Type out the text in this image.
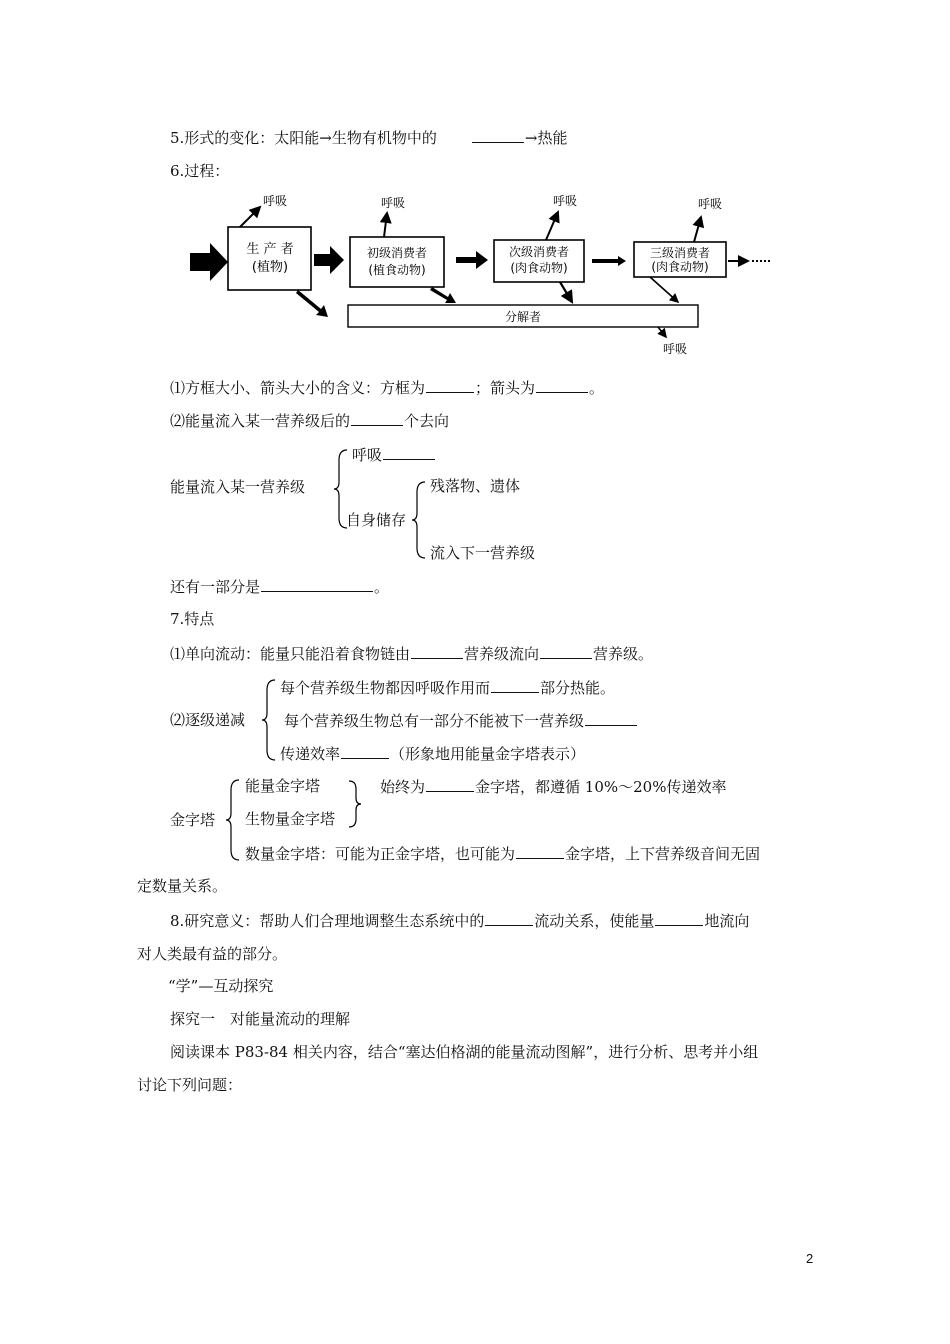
5.形式的变化：太阳能→生物有机物中的	→热能
6.过程：
生 产 者
(植物)
初级消费者
(植食动物)
次级消费者
(肉食动物)
三级消费者
(肉食动物)
分解者
呼吸	呼吸	呼吸	呼吸
呼吸
⑴方框大小、箭头大小的含义：方框为	；箭头为	。
⑵能量流入某一营养级后的	个去向
能量流入某一营养级
呼吸
自身储存
残落物、遗体
流入下一营养级
还有一部分是	。
7.特点
⑴单向流动：能量只能沿着食物链由	营养级流向	营养级。
⑵逐级递减
每个营养级生物都因呼吸作用而	部分热能。
每个营养级生物总有一部分不能被下一营养级
传递效率	（形象地用能量金字塔表示）
金字塔
能量金字塔
生物量金字塔
始终为	金字塔，都遵循 10%～20%传递效率
数量金字塔：可能为正金字塔，也可能为	金字塔，上下营养级音间无固
定数量关系。
8.研究意义：帮助人们合理地调整生态系统中的	流动关系，使能量	地流向
对人类最有益的部分。
“学”—互动探究
探究一　对能量流动的理解
阅读课本 P83-84 相关内容，结合“塞达伯格湖的能量流动图解”，进行分析、思考并小组
讨论下列问题：
2
